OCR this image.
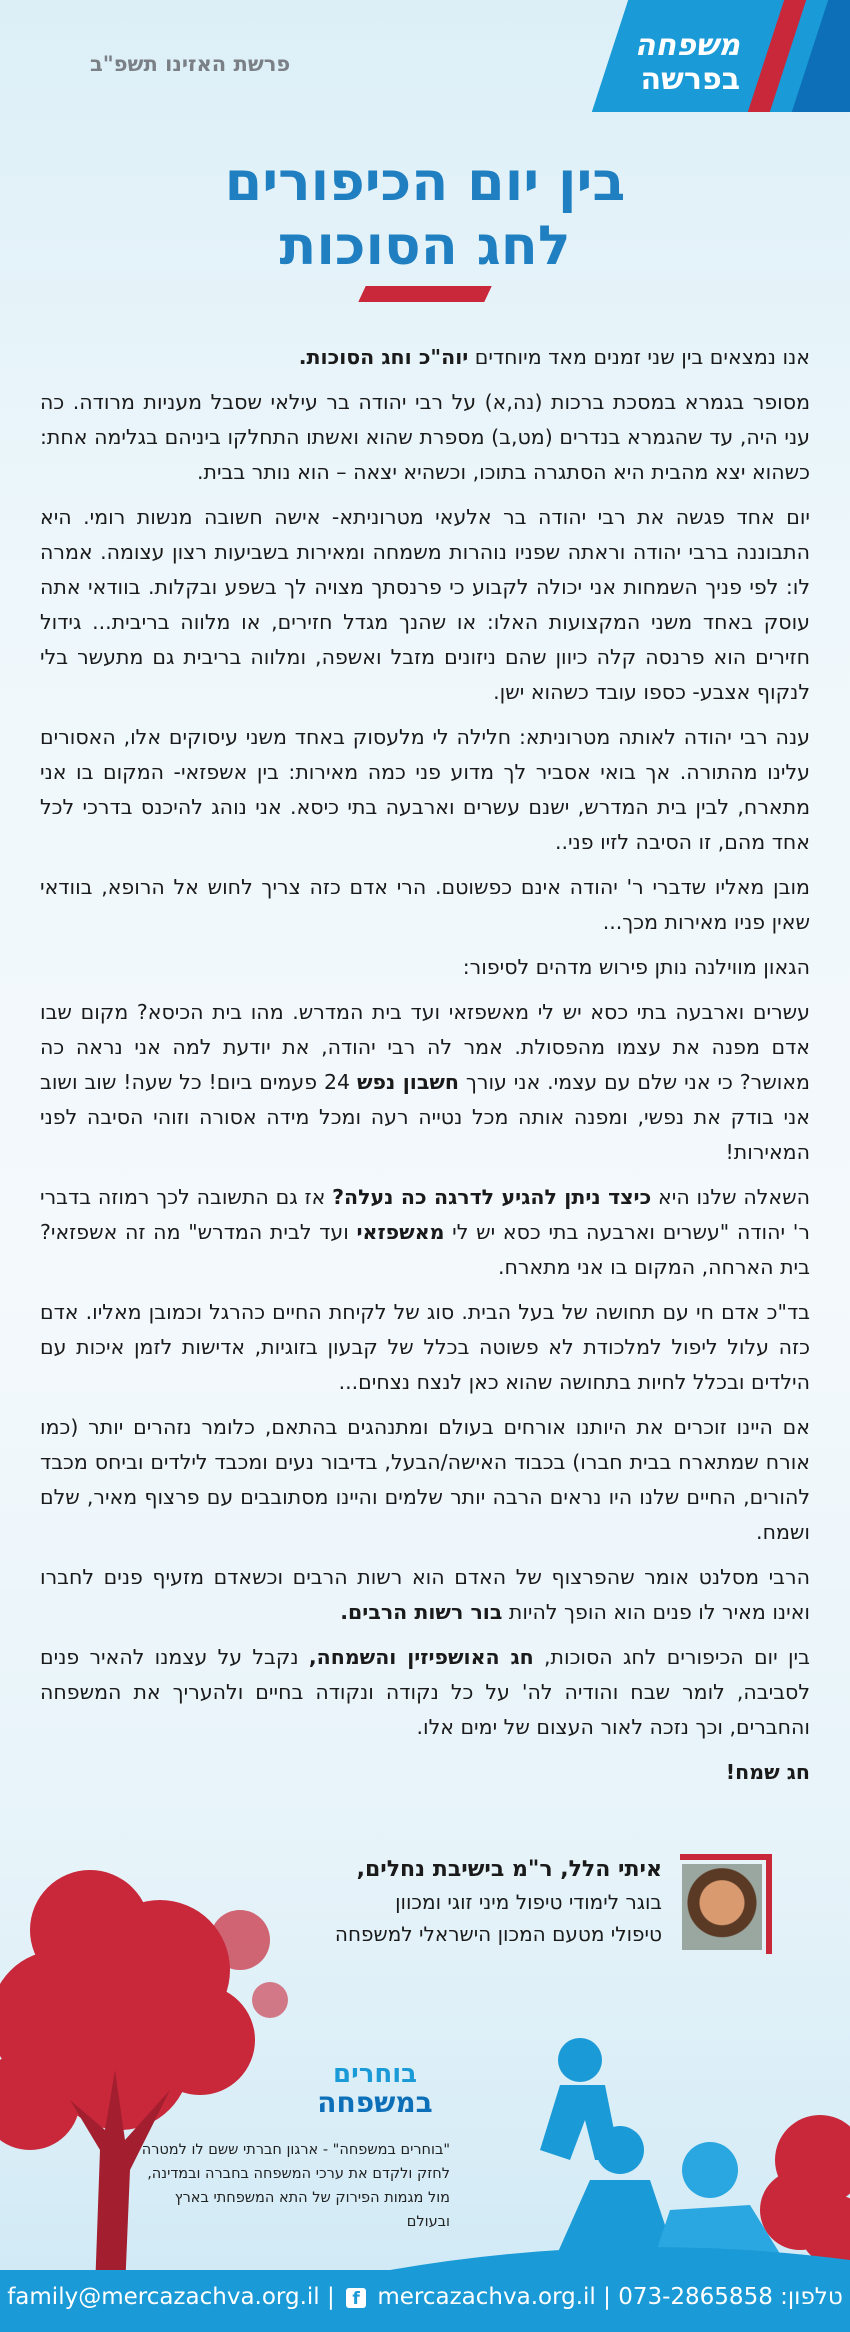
משפחה
בפרשה
פרשת האזינו תשפ"ב
בין יום הכיפורים
לחג הסוכות

אנו נמצאים בין שני זמנים מאד מיוחדים יוה"כ וחג הסוכות.

מסופר בגמרא במסכת ברכות (נה,א) על רבי יהודה בר עילאי שסבל מעניות מרודה. כה עני היה, עד שהגמרא בנדרים (מט,ב) מספרת שהוא ואשתו התחלקו ביניהם בגלימה אחת: כשהוא יצא מהבית היא הסתגרה בתוכו, וכשהיא יצאה – הוא נותר בבית.

יום אחד פגשה את רבי יהודה בר אלעאי מטרוניתא- אישה חשובה מנשות רומי. היא התבוננה ברבי יהודה וראתה שפניו נוהרות משמחה ומאירות בשביעות רצון עצומה. אמרה לו: לפי פניך השמחות אני יכולה לקבוע כי פרנסתך מצויה לך בשפע ובקלות. בוודאי אתה עוסק באחד משני המקצועות האלו: או שהנך מגדל חזירים, או מלווה בריבית... גידול חזירים הוא פרנסה קלה כיוון שהם ניזונים מזבל ואשפה, ומלווה בריבית גם מתעשר בלי לנקוף אצבע- כספו עובד כשהוא ישן.

ענה רבי יהודה לאותה מטרוניתא: חלילה לי מלעסוק באחד משני עיסוקים אלו, האסורים עלינו מהתורה. אך בואי אסביר לך מדוע פני כמה מאירות: בין אשפזאי- המקום בו אני מתארח, לבין בית המדרש, ישנם עשרים וארבעה בתי כיסא. אני נוהג להיכנס בדרכי לכל אחד מהם, זו הסיבה לזיו פני..

מובן מאליו שדברי ר' יהודה אינם כפשוטם. הרי אדם כזה צריך לחוש אל הרופא, בוודאי שאין פניו מאירות מכך...

הגאון מווילנה נותן פירוש מדהים לסיפור:

עשרים וארבעה בתי כסא יש לי מאשפזאי ועד בית המדרש. מהו בית הכיסא? מקום שבו אדם מפנה את עצמו מהפסולת. אמר לה רבי יהודה, את יודעת למה אני נראה כה מאושר? כי אני שלם עם עצמי. אני עורך חשבון נפש 24 פעמים ביום! כל שעה! שוב ושוב אני בודק את נפשי, ומפנה אותה מכל נטייה רעה ומכל מידה אסורה וזוהי הסיבה לפני המאירות!

השאלה שלנו היא כיצד ניתן להגיע לדרגה כה נעלה? אז גם התשובה לכך רמוזה בדברי ר' יהודה "עשרים וארבעה בתי כסא יש לי מאשפזאי ועד לבית המדרש" מה זה אשפזאי? בית הארחה, המקום בו אני מתארח.

בד"כ אדם חי עם תחושה של בעל הבית. סוג של לקיחת החיים כהרגל וכמובן מאליו. אדם כזה עלול ליפול למלכודת לא פשוטה בכלל של קבעון בזוגיות, אדישות לזמן איכות עם הילדים ובכלל לחיות בתחושה שהוא כאן לנצח נצחים...

אם היינו זוכרים את היותנו אורחים בעולם ומתנהגים בהתאם, כלומר נזהרים יותר (כמו אורח שמתארח בבית חברו) בכבוד האישה/הבעל, בדיבור נעים ומכבד לילדים וביחס מכבד להורים, החיים שלנו היו נראים הרבה יותר שלמים והיינו מסתובבים עם פרצוף מאיר, שלם ושמח.

הרבי מסלנט אומר שהפרצוף של האדם הוא רשות הרבים וכשאדם מזעיף פנים לחברו ואינו מאיר לו פנים הוא הופך להיות בור רשות הרבים.

בין יום הכיפורים לחג הסוכות, חג האושפיזין והשמחה, נקבל על עצמנו להאיר פנים לסביבה, לומר שבח והודיה לה' על כל נקודה ונקודה בחיים ולהעריך את המשפחה והחברים, וכך נזכה לאור העצום של ימים אלו.

חג שמח!

איתי הלל, ר"מ בישיבת נחלים,
בוגר לימודי טיפול מיני זוגי ומכוון
טיפולי מטעם המכון הישראלי למשפחה
בוחרים
במשפחה
"בוחרים במשפחה" - ארגון חברתי ששם לו למטרה
לחזק ולקדם את ערכי המשפחה בחברה ובמדינה,
מול מגמות הפירוק של התא המשפחתי בארץ ובעולם
family@mercazachva.org.il | f mercazachva.org.il |	טלפון: 073-2865858
